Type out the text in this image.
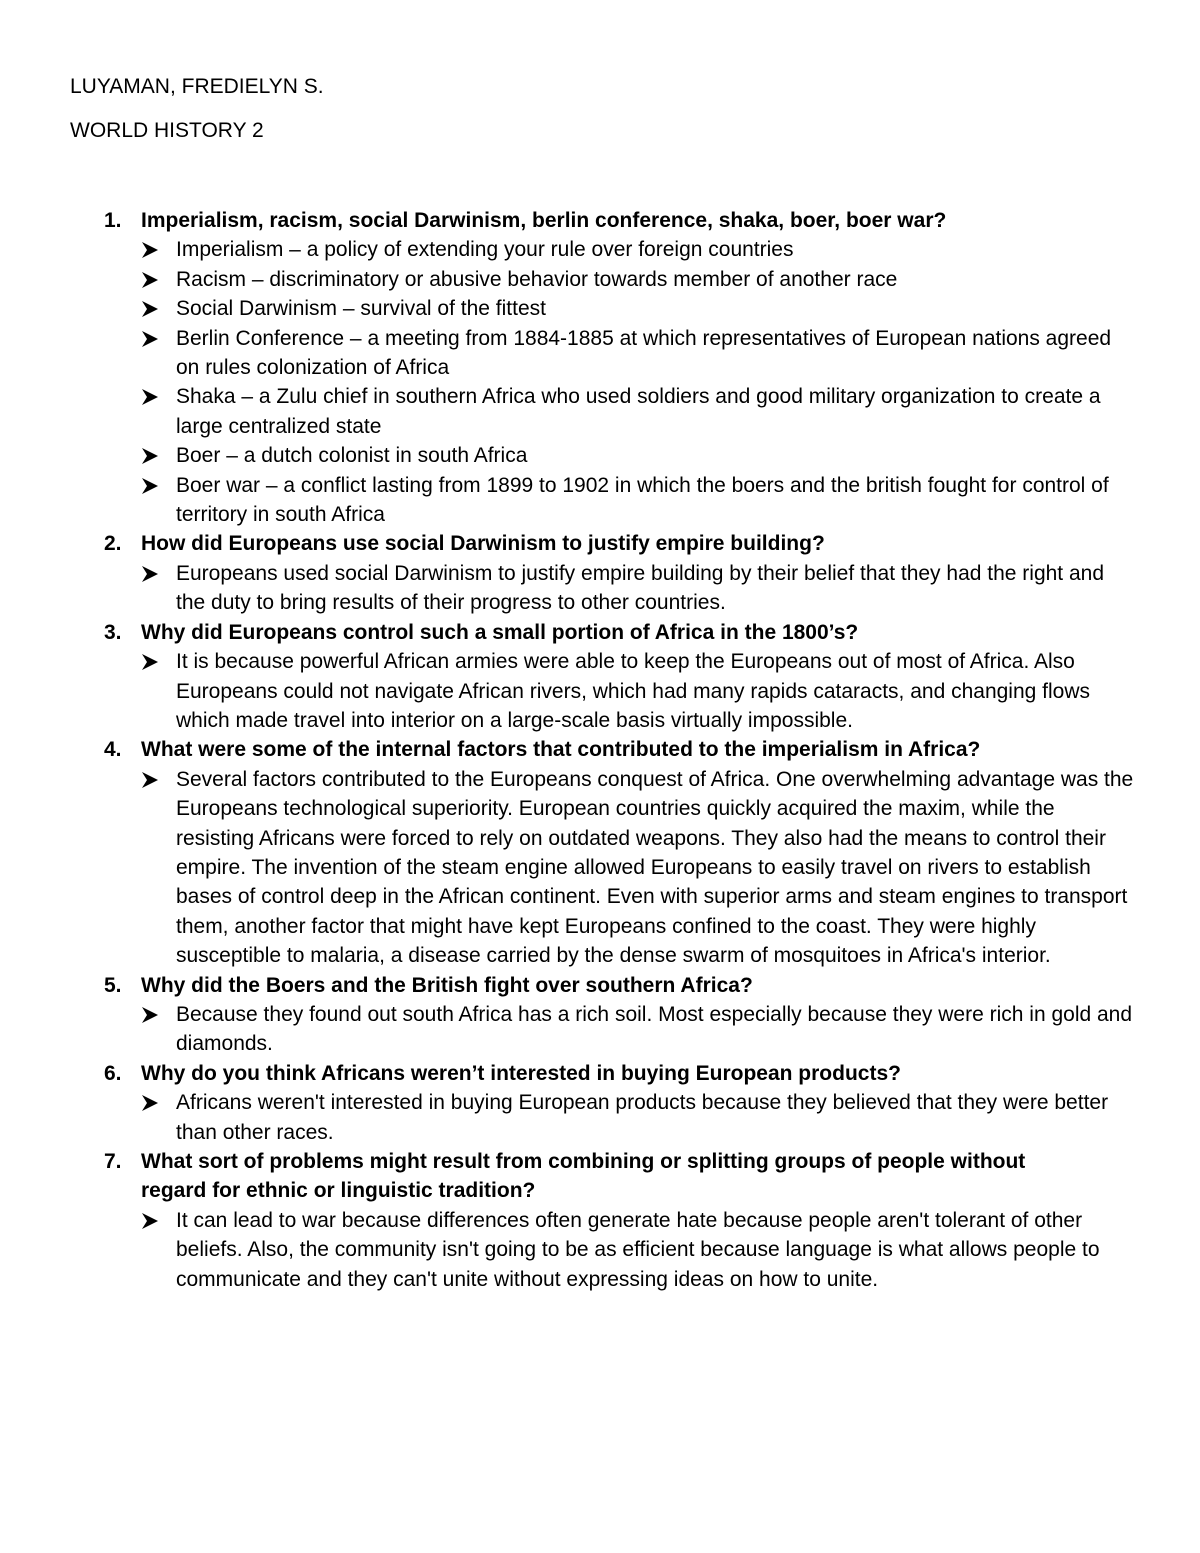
LUYAMAN, FREDIELYN S.
WORLD HISTORY 2
1. Imperialism, racism, social Darwinism, berlin conference, shaka, boer, boer war?
Imperialism – a policy of extending your rule over foreign countries
Racism – discriminatory or abusive behavior towards member of another race
Social Darwinism – survival of the fittest
Berlin Conference – a meeting from 1884-1885 at which representatives of European nations agreed on rules colonization of Africa
Shaka – a Zulu chief in southern Africa who used soldiers and good military organization to create a large centralized state
Boer – a dutch colonist in south Africa
Boer war – a conflict lasting from 1899 to 1902 in which the boers and the british fought for control of territory in south Africa
2. How did Europeans use social Darwinism to justify empire building?
Europeans used social Darwinism to justify empire building by their belief that they had the right and the duty to bring results of their progress to other countries.
3. Why did Europeans control such a small portion of Africa in the 1800’s?
It is because powerful African armies were able to keep the Europeans out of most of Africa. Also Europeans could not navigate African rivers, which had many rapids cataracts, and changing flows which made travel into interior on a large-scale basis virtually impossible.
4. What were some of the internal factors that contributed to the imperialism in Africa?
Several factors contributed to the Europeans conquest of Africa. One overwhelming advantage was the Europeans technological superiority. European countries quickly acquired the maxim, while the resisting Africans were forced to rely on outdated weapons. They also had the means to control their empire. The invention of the steam engine allowed Europeans to easily travel on rivers to establish bases of control deep in the African continent. Even with superior arms and steam engines to transport them, another factor that might have kept Europeans confined to the coast. They were highly susceptible to malaria, a disease carried by the dense swarm of mosquitoes in Africa's interior.
5. Why did the Boers and the British fight over southern Africa?
Because they found out south Africa has a rich soil. Most especially because they were rich in gold and diamonds.
6. Why do you think Africans weren’t interested in buying European products?
Africans weren't interested in buying European products because they believed that they were better than other races.
7. What sort of problems might result from combining or splitting groups of people without regard for ethnic or linguistic tradition?
It can lead to war because differences often generate hate because people aren't tolerant of other beliefs. Also, the community isn't going to be as efficient because language is what allows people to communicate and they can't unite without expressing ideas on how to unite.
